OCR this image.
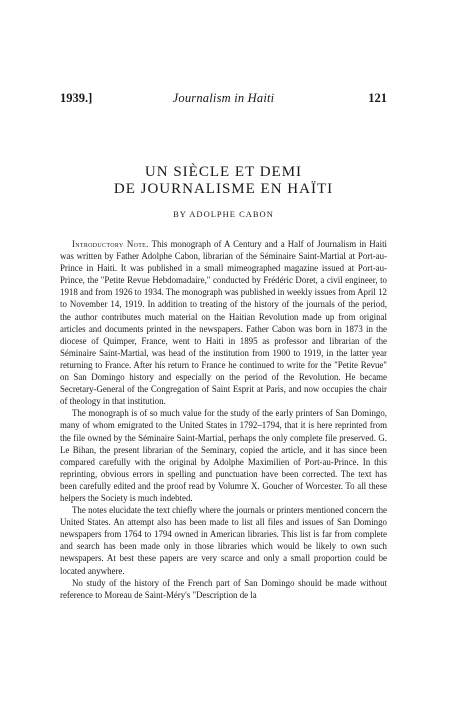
1939.]	Journalism in Haiti	121
UN SIÈCLE ET DEMI
DE JOURNALISME EN HAÏTI
BY ADOLPHE CABON

Introductory Note. This monograph of A Century and a Half of Journalism in Haiti was written by Father Adolphe Cabon, librarian of the Séminaire Saint-Martial at Port-au-Prince in Haiti. It was published in a small mimeographed magazine issued at Port-au-Prince, the "Petite Revue Hebdomadaire," conducted by Frédéric Doret, a civil engineer, to 1918 and from 1926 to 1934. The monograph was published in weekly issues from April 12 to November 14, 1919. In addition to treating of the history of the journals of the period, the author contributes much material on the Haitian Revolution made up from original articles and documents printed in the newspapers. Father Cabon was born in 1873 in the diocese of Quimper, France, went to Haiti in 1895 as professor and librarian of the Séminaire Saint-Martial, was head of the institution from 1900 to 1919, in the latter year returning to France. After his return to France he continued to write for the "Petite Revue" on San Domingo history and especially on the period of the Revolution. He became Secretary-General of the Congregation of Saint Esprit at Paris, and now occupies the chair of theology in that institution.

The monograph is of so much value for the study of the early printers of San Domingo, many of whom emigrated to the United States in 1792–1794, that it is here reprinted from the file owned by the Séminaire Saint-Martial, perhaps the only complete file preserved. G. Le Bihan, the present librarian of the Seminary, copied the article, and it has since been compared carefully with the original by Adolphe Maximilien of Port-au-Prince. In this reprinting, obvious errors in spelling and punctuation have been corrected. The text has been carefully edited and the proof read by Volumre X. Goucher of Worcester. To all these helpers the Society is much indebted.

The notes elucidate the text chiefly where the journals or printers mentioned concern the United States. An attempt also has been made to list all files and issues of San Domingo newspapers from 1764 to 1794 owned in American libraries. This list is far from complete and search has been made only in those libraries which would be likely to own such newspapers. At best these papers are very scarce and only a small proportion could be located anywhere.

No study of the history of the French part of San Domingo should be made without reference to Moreau de Saint-Méry's "Description de la
